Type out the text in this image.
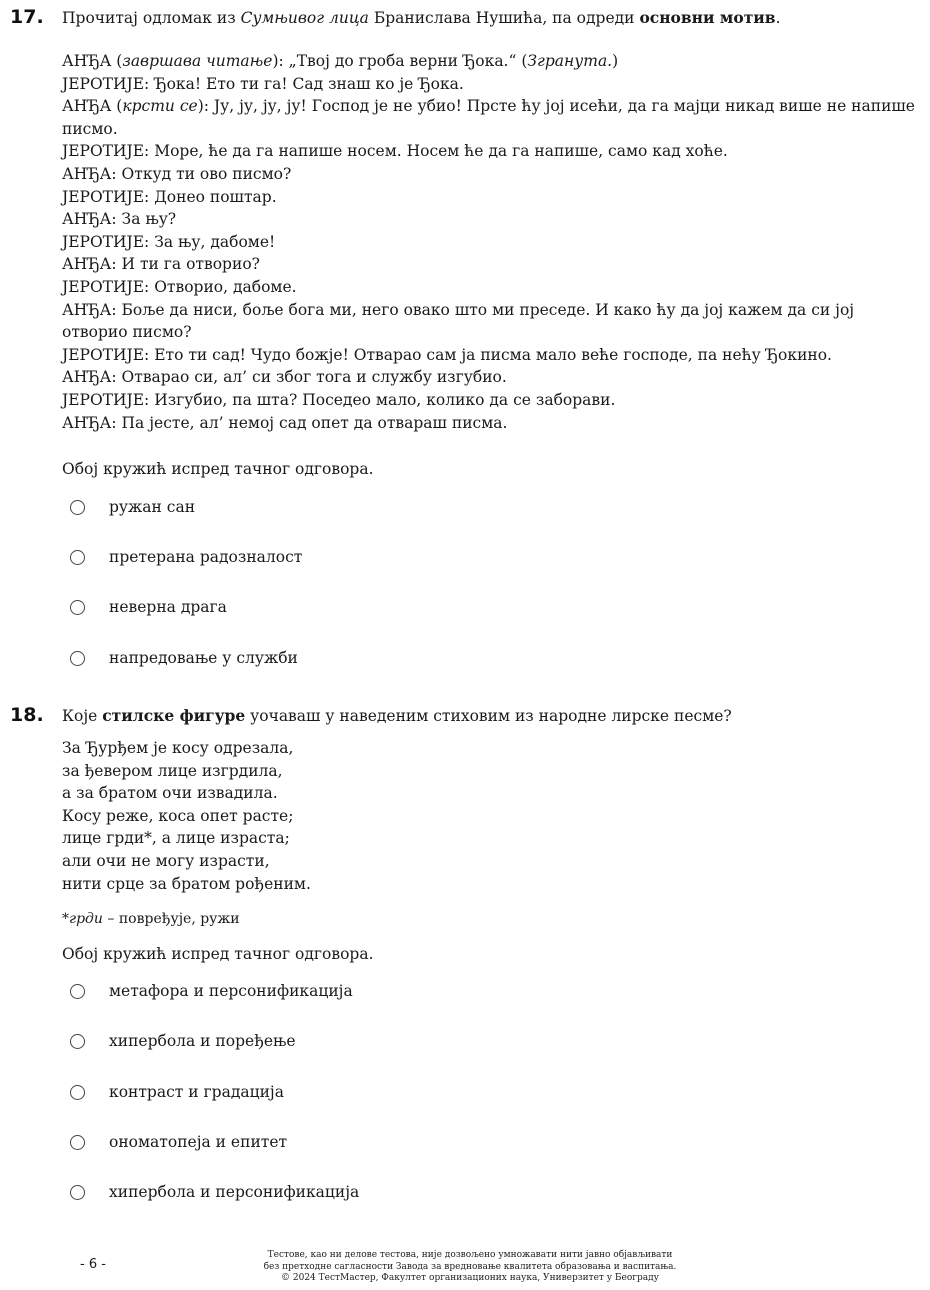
17. Прочитај одломак из Сумњивог лица Бранислава Нушића, па одреди основни мотив.
АНЂА (завршава читање): „Твој до гроба верни Ђока.“ (Згранута.)
ЈЕРОТИЈЕ: Ђока! Ето ти га! Сад знаш ко је Ђока.
АНЂА (крсти се): Ју, ју, ју, ју! Господ је не убио! Прсте ћу јој исећи, да га мајци никад више не напише писмо.
ЈЕРОТИЈЕ: Море, ће да га напише носем. Носем ће да га напише, само кад хоће.
АНЂА: Откуд ти ово писмо?
ЈЕРОТИЈЕ: Донео поштар.
АНЂА: За њу?
ЈЕРОТИЈЕ: За њу, дабоме!
АНЂА: И ти га отворио?
ЈЕРОТИЈЕ: Отворио, дабоме.
АНЂА: Боље да ниси, боље бога ми, него овако што ми преседе. И како ћу да јој кажем да си јој отворио писмо?
ЈЕРОТИЈЕ: Ето ти сад! Чудо божје! Отварао сам ја писма мало веће господе, па нећу Ђокино.
АНЂА: Отварао си, ал’ си због тога и службу изгубио.
ЈЕРОТИЈЕ: Изгубио, па шта? Поседео мало, колико да се заборави.
АНЂА: Па јесте, ал’ немој сад опет да отвараш писма.
Обој кружић испред тачног одговора.
ружан сан
претерана радозналост
неверна драга
напредовање у служби
18. Које стилске фигуре уочаваш у наведеним стиховим из народне лирске песме?
За Ђурђем је косу одрезала,
за ђевером лице изгрдила,
а за братом очи извадила.
Косу реже, коса опет расте;
лице грди*, а лице израста;
али очи не могу израсти,
нити срце за братом рођеним.
*грди – повређује, ружи
Обој кружић испред тачног одговора.
метафора и персонификација
хипербола и поређење
контраст и градација
ономатопеја и епитет
хипербола и персонификација
- 6 -
Тестове, као ни делове тестова, није дозвољено умножавати нити јавно објављивати
без претходне сагласности Завода за вредновање квалитета образовања и васпитања.
© 2024 ТестМастер, Факултет организационих наука, Универзитет у Београду
